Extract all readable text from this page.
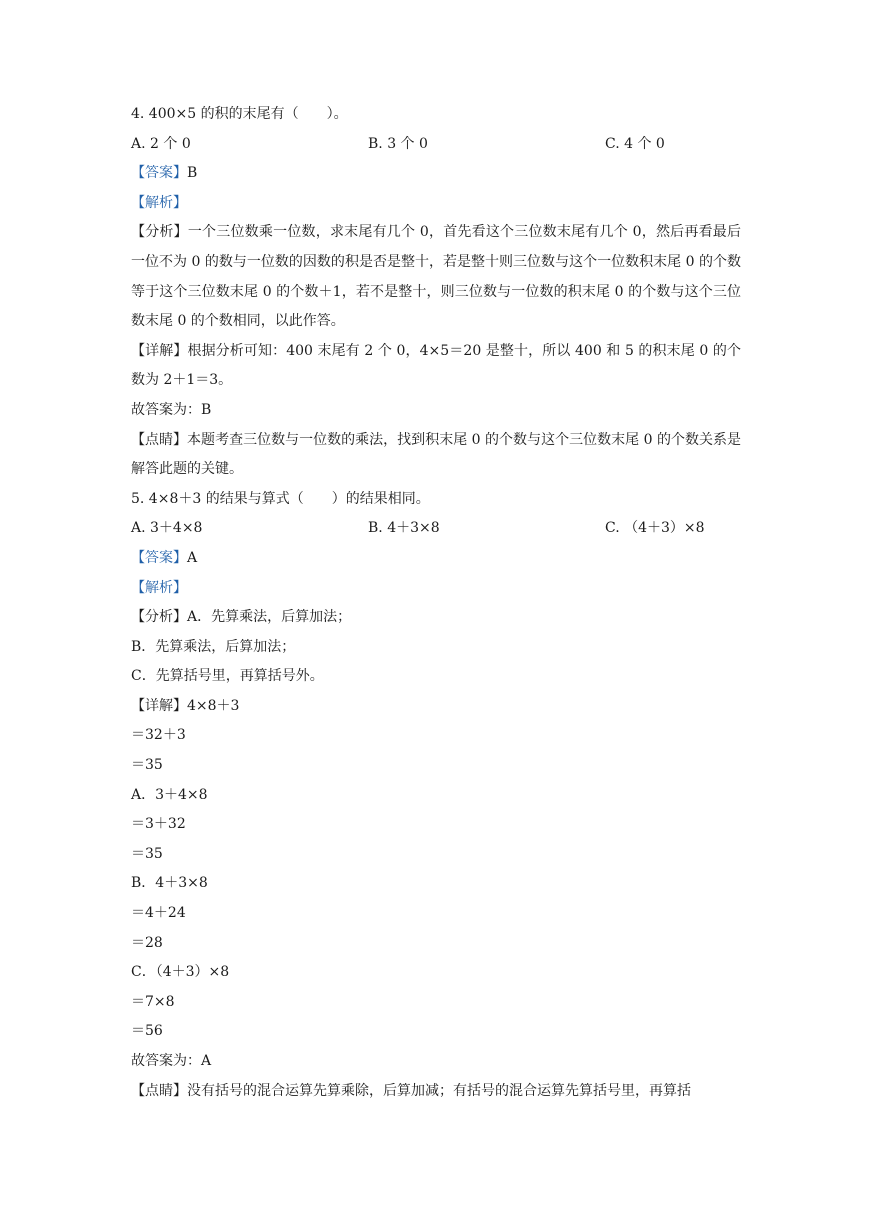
4. 400×5 的积的末尾有（　　）。
A. 2 个 0	B. 3 个 0	C. 4 个 0
【答案】B
【解析】
【分析】一个三位数乘一位数，求末尾有几个 0，首先看这个三位数末尾有几个 0，然后再看最后一位不为 0 的数与一位数的因数的积是否是整十，若是整十则三位数与这个一位数积末尾 0 的个数等于这个三位数末尾 0 的个数＋1，若不是整十，则三位数与一位数的积末尾 0 的个数与这个三位数末尾 0 的个数相同，以此作答。
【详解】根据分析可知：400 末尾有 2 个 0，4×5＝20 是整十，所以 400 和 5 的积末尾 0 的个数为 2＋1＝3。
故答案为：B
【点睛】本题考查三位数与一位数的乘法，找到积末尾 0 的个数与这个三位数末尾 0 的个数关系是解答此题的关键。
5. 4×8＋3 的结果与算式（　　）的结果相同。
A. 3＋4×8	B. 4＋3×8	C. （4＋3）×8
【答案】A
【解析】
【分析】A．先算乘法，后算加法；
B．先算乘法，后算加法；
C．先算括号里，再算括号外。
【详解】4×8＋3
＝32＋3
＝35
A．3＋4×8
＝3＋32
＝35
B．4＋3×8
＝4＋24
＝28
C．（4＋3）×8
＝7×8
＝56
故答案为：A
【点睛】没有括号的混合运算先算乘除，后算加减；有括号的混合运算先算括号里，再算括
